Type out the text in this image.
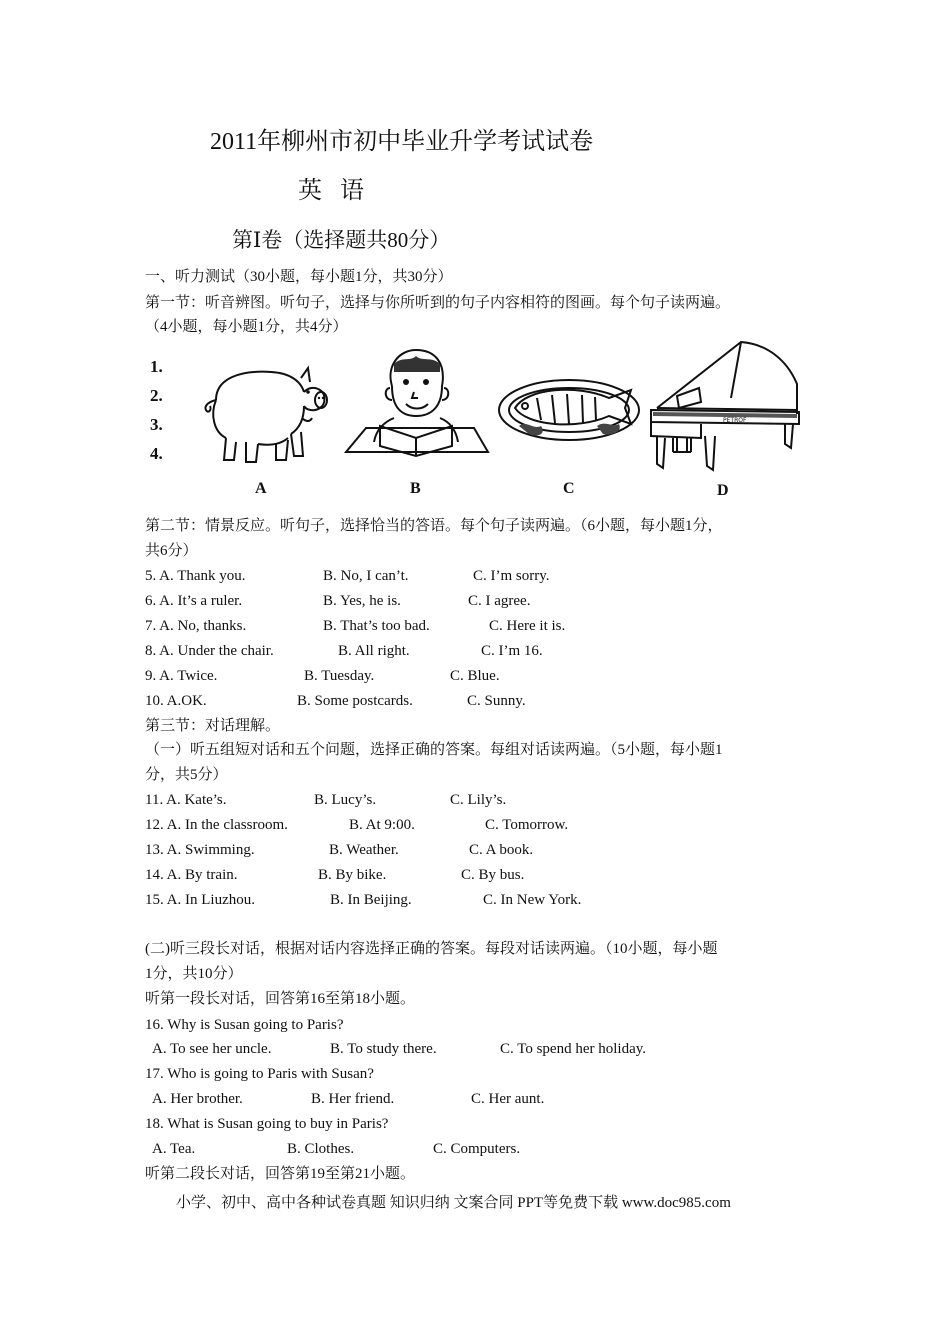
2011年柳州市初中毕业升学考试试卷
英 语
第Ⅰ卷（选择题共80分）
一、听力测试（30小题，每小题1分，共30分）
第一节：听音辨图。听句子，选择与你所听到的句子内容相符的图画。每个句子读两遍。
（4小题，每小题1分，共4分）
1.
2.
3.
4.
A	B	C
PETROF
D
第二节：情景反应。听句子，选择恰当的答语。每个句子读两遍。（6小题，每小题1分，
共6分）
5. A. Thank you.	B. No, I can’t.	C. I’m sorry.
6. A. It’s a ruler.	B. Yes, he is.	C. I agree.
7. A. No, thanks.	B. That’s too bad.	C. Here it is.
8. A. Under the chair.	B. All right.	C. I’m 16.
9. A. Twice.	B. Tuesday.	C. Blue.
10. A.OK.	B. Some postcards.	C. Sunny.
第三节：对话理解。
（一）听五组短对话和五个问题，选择正确的答案。每组对话读两遍。（5小题，每小题1
分，共5分）
11. A. Kate’s.	B. Lucy’s.	C. Lily’s.
12. A. In the classroom.	B. At 9:00.	C. Tomorrow.
13. A. Swimming.	B. Weather.	C. A book.
14. A. By train.	B. By bike.	C. By bus.
15. A. In Liuzhou.	B. In Beijing.	C. In New York.
(二)听三段长对话，根据对话内容选择正确的答案。每段对话读两遍。（10小题，每小题
1分，共10分）
听第一段长对话，回答第16至第18小题。
16. Why is Susan going to Paris?
A. To see her uncle.	B. To study there.	C. To spend her holiday.
17. Who is going to Paris with Susan?
A. Her brother.	B. Her friend.	C. Her aunt.
18. What is Susan going to buy in Paris?
A. Tea.	B. Clothes.	C. Computers.
听第二段长对话，回答第19至第21小题。
小学、初中、高中各种试卷真题 知识归纳 文案合同 PPT等免费下载 www.doc985.com
